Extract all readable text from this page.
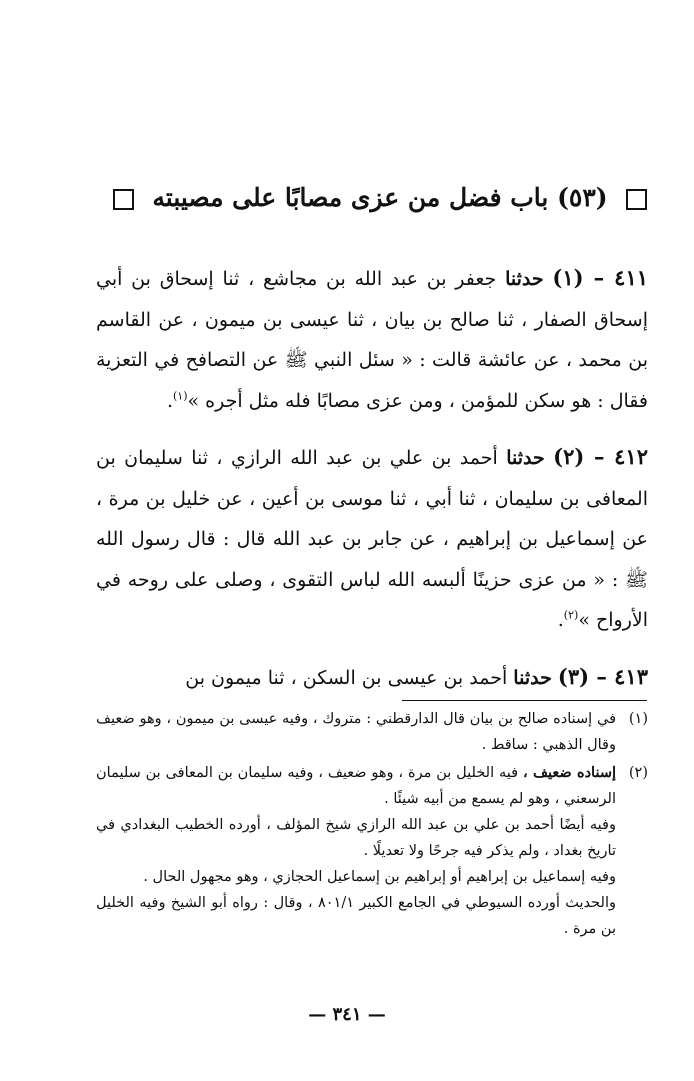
(٥٣) باب فضل من عزى مصابًا على مصيبته

٤١١ – (١) حدثنا جعفر بن عبد الله بن مجاشع ، ثنا إسحاق بن أبي إسحاق الصفار ، ثنا صالح بن بيان ، ثنا عيسى بن ميمون ، عن القاسم بن محمد ، عن عائشة قالت : « سئل النبي ﷺ عن التصافح في التعزية فقال : هو سكن للمؤمن ، ومن عزى مصابًا فله مثل أجره »$^{(١)}$.

٤١٢ – (٢) حدثنا أحمد بن علي بن عبد الله الرازي ، ثنا سليمان بن المعافى بن سليمان ، ثنا أبي ، ثنا موسى بن أعين ، عن خليل بن مرة ، عن إسماعيل بن إبراهيم ، عن جابر بن عبد الله قال : قال رسول الله ﷺ : « من عزى حزينًا ألبسه الله لباس التقوى ، وصلى على روحه في الأرواح »$^{(٢)}$.

٤١٣ – (٣) حدثنا أحمد بن عيسى بن السكن ، ثنا ميمون بن

(١)
في إسناده صالح بن بيان قال الدارقطني : متروك ، وفيه عيسى بن ميمون ، وهو ضعيف وقال الذهبي : ساقط .
(٢)
إسناده ضعيف ، فيه الخليل بن مرة ، وهو ضعيف ، وفيه سليمان بن المعافى بن سليمان الرسعني ، وهو لم يسمع من أبيه شيئًا .
وفيه أيضًا أحمد بن علي بن عبد الله الرازي شيخ المؤلف ، أورده الخطيب البغدادي في تاريخ بغداد ، ولم يذكر فيه جرحًا ولا تعديلًا .
وفيه إسماعيل بن إبراهيم أو إبراهيم بن إسماعيل الحجازي ، وهو مجهول الحال .
والحديث أورده السيوطي في الجامع الكبير ٨٠١/١ ، وقال : رواه أبو الشيخ وفيه الخليل بن مرة .
— ٣٤١ —
